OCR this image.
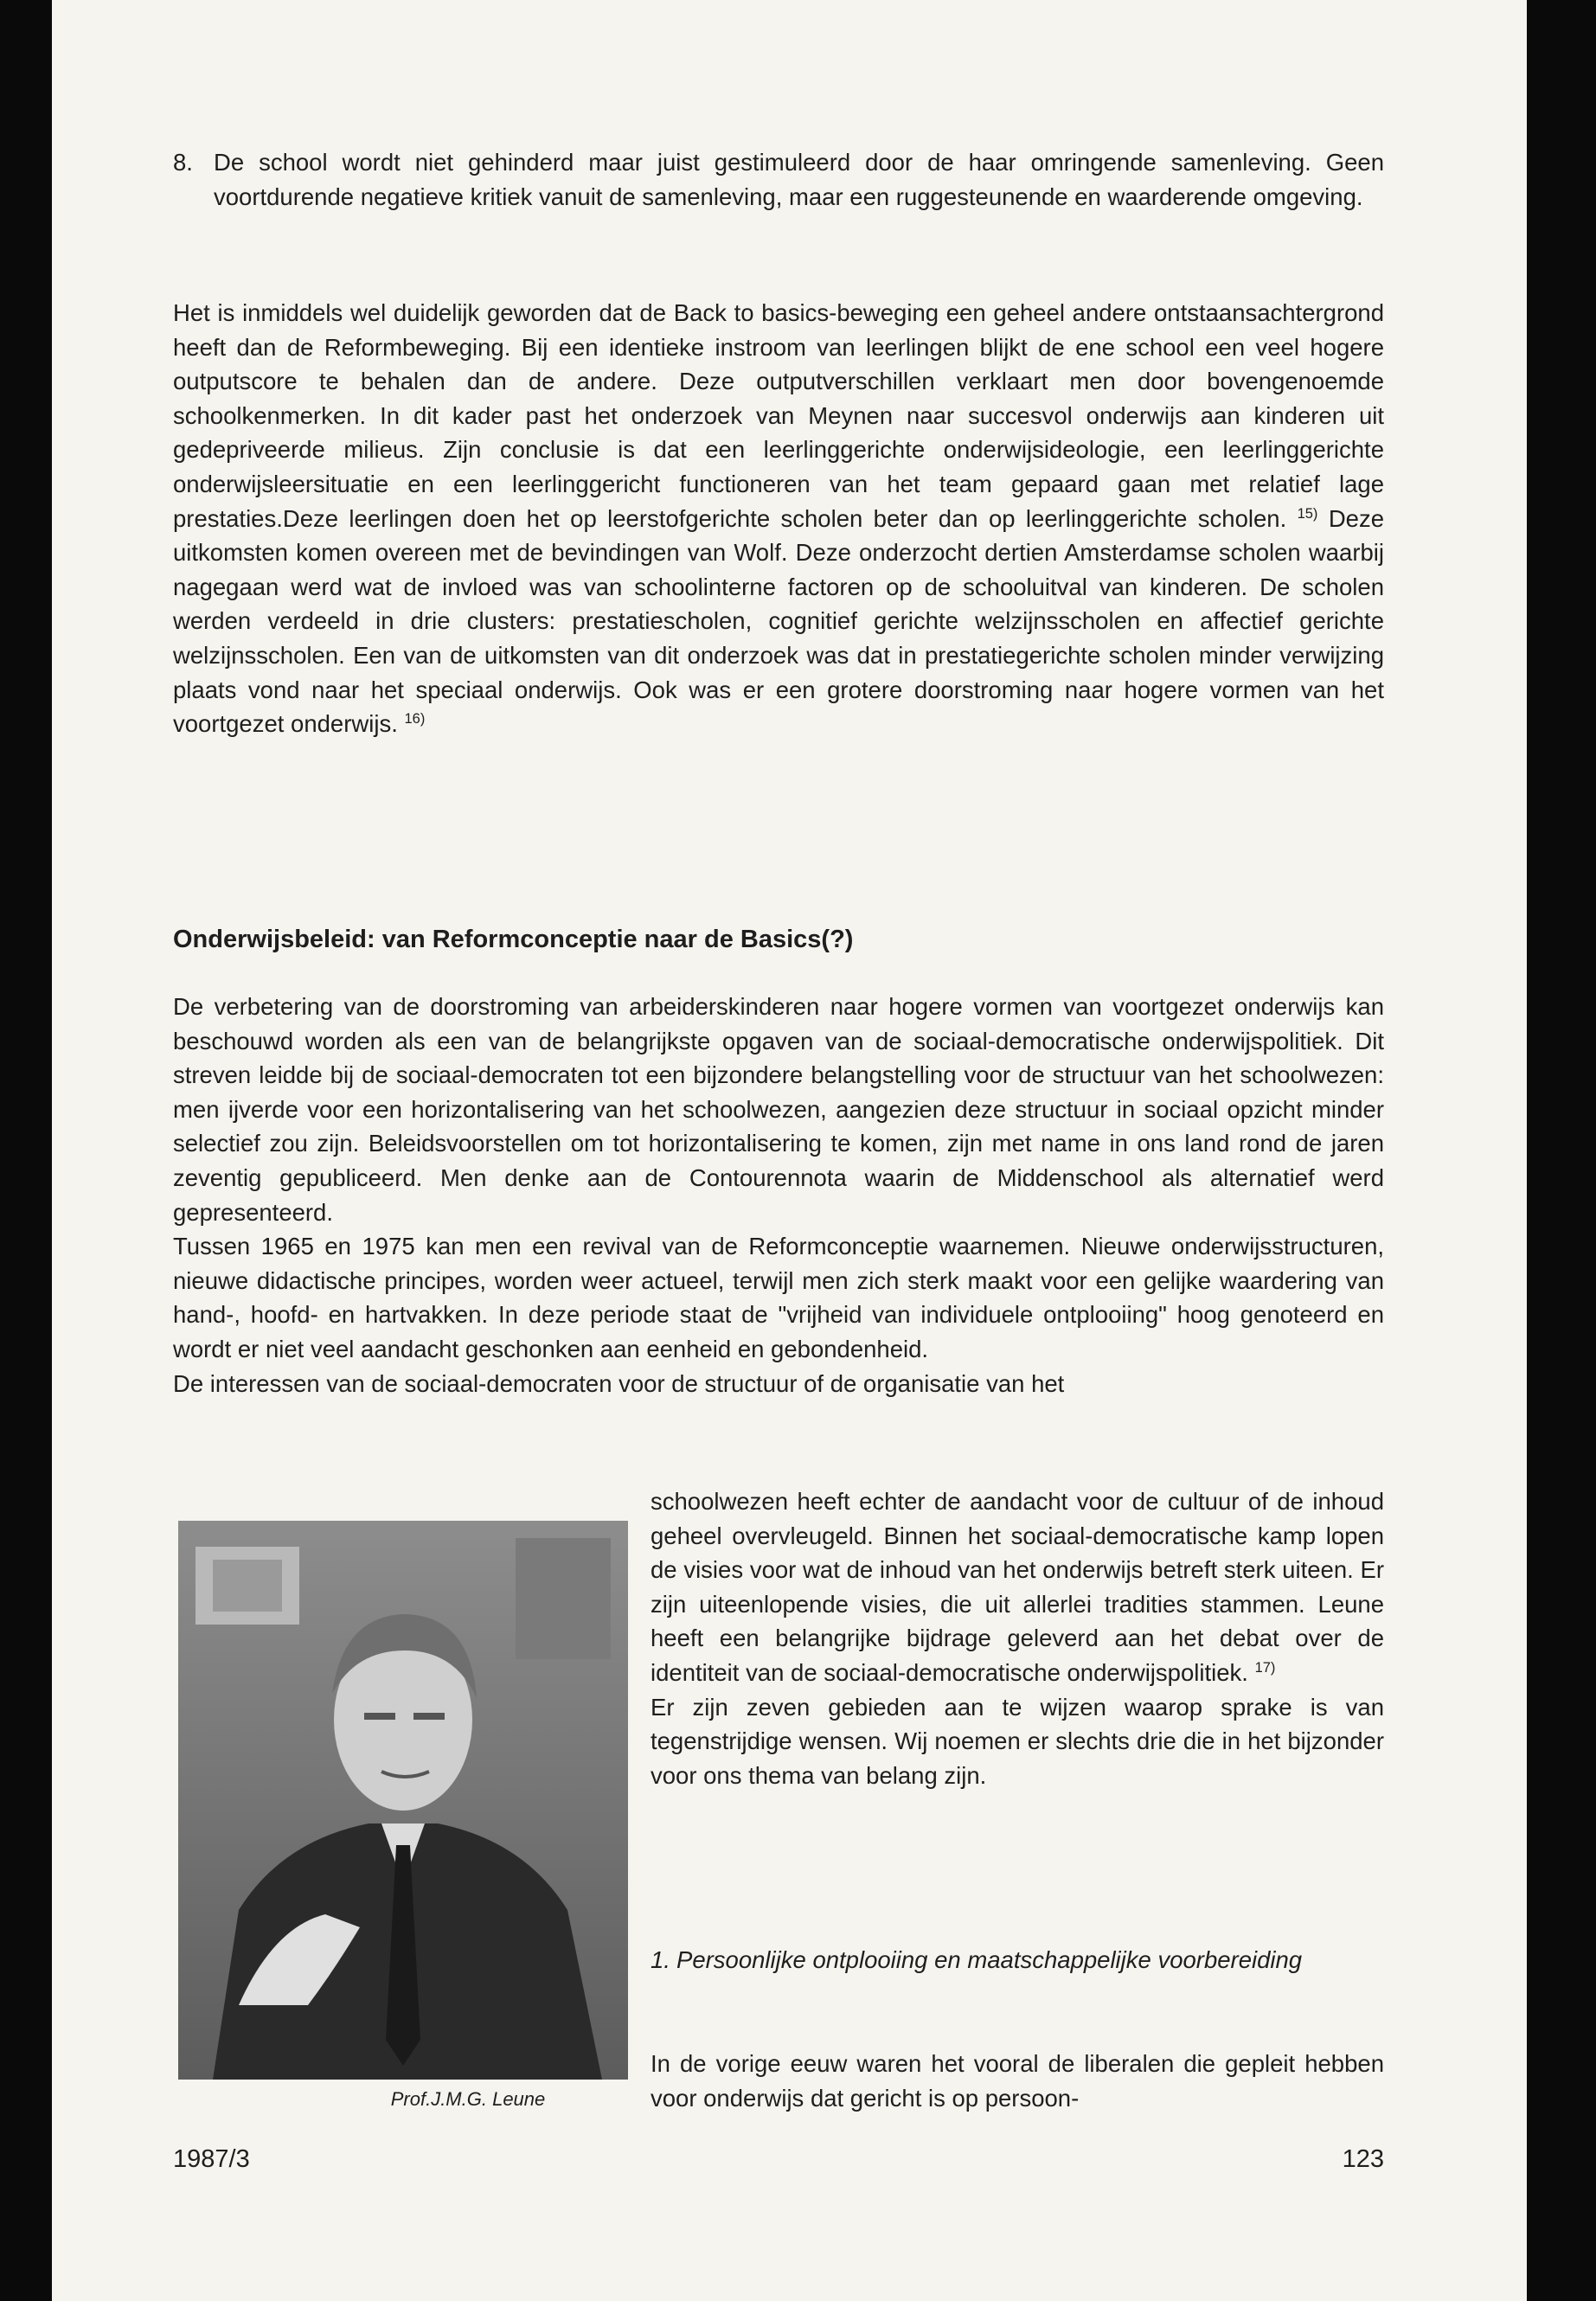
8. De school wordt niet gehinderd maar juist gestimuleerd door de haar omringende samenleving. Geen voortdurende negatieve kritiek vanuit de samenleving, maar een ruggesteunende en waarderende omgeving.

Het is inmiddels wel duidelijk geworden dat de Back to basics-beweging een geheel andere ontstaansachtergrond heeft dan de Reformbeweging. Bij een identieke instroom van leerlingen blijkt de ene school een veel hogere outputscore te behalen dan de andere. Deze outputverschillen verklaart men door bovengenoemde schoolkenmerken. In dit kader past het onderzoek van Meynen naar succesvol onderwijs aan kinderen uit gedepriveerde milieus. Zijn conclusie is dat een leerlinggerichte onderwijsideologie, een leerlinggerichte onderwijsleersituatie en een leerlinggericht functioneren van het team gepaard gaan met relatief lage prestaties.Deze leerlingen doen het op leerstofgerichte scholen beter dan op leerlinggerichte scholen. $^{15)}$ Deze uitkomsten komen overeen met de bevindingen van Wolf. Deze onderzocht dertien Amsterdamse scholen waarbij nagegaan werd wat de invloed was van schoolinterne factoren op de schooluitval van kinderen. De scholen werden verdeeld in drie clusters: prestatiescholen, cognitief gerichte welzijnsscholen en affectief gerichte welzijnsscholen. Een van de uitkomsten van dit onderzoek was dat in prestatiegerichte scholen minder verwijzing plaats vond naar het speciaal onderwijs. Ook was er een grotere doorstroming naar hogere vormen van het voortgezet onderwijs. $^{16)}$

Onderwijsbeleid: van Reformconceptie naar de Basics(?)

De verbetering van de doorstroming van arbeiderskinderen naar hogere vormen van voortgezet onderwijs kan beschouwd worden als een van de belangrijkste opgaven van de sociaal-democratische onderwijspolitiek. Dit streven leidde bij de sociaal-democraten tot een bijzondere belangstelling voor de structuur van het schoolwezen: men ijverde voor een horizontalisering van het schoolwezen, aangezien deze structuur in sociaal opzicht minder selectief zou zijn. Beleidsvoorstellen om tot horizontalisering te komen, zijn met name in ons land rond de jaren zeventig gepubliceerd. Men denke aan de Contourennota waarin de Middenschool als alternatief werd gepresenteerd.

Tussen 1965 en 1975 kan men een revival van de Reformconceptie waarnemen. Nieuwe onderwijsstructuren, nieuwe didactische principes, worden weer actueel, terwijl men zich sterk maakt voor een gelijke waardering van hand-, hoofd- en hartvakken. In deze periode staat de "vrijheid van individuele ontplooiing" hoog genoteerd en wordt er niet veel aandacht geschonken aan eenheid en gebondenheid.

De interessen van de sociaal-democraten voor de structuur of de organisatie van het

Prof.J.M.G. Leune

schoolwezen heeft echter de aandacht voor de cultuur of de inhoud geheel overvleugeld. Binnen het sociaal-democratische kamp lopen de visies voor wat de inhoud van het onderwijs betreft sterk uiteen. Er zijn uiteenlopende visies, die uit allerlei tradities stammen. Leune heeft een belangrijke bijdrage geleverd aan het debat over de identiteit van de sociaal-democratische onderwijspolitiek. $^{17)}$

Er zijn zeven gebieden aan te wijzen waarop sprake is van tegenstrijdige wensen. Wij noemen er slechts drie die in het bijzonder voor ons thema van belang zijn.

1. Persoonlijke ontplooiing en maatschappelijke voorbereiding

In de vorige eeuw waren het vooral de liberalen die gepleit hebben voor onderwijs dat gericht is op persoon-

1987/3	123
